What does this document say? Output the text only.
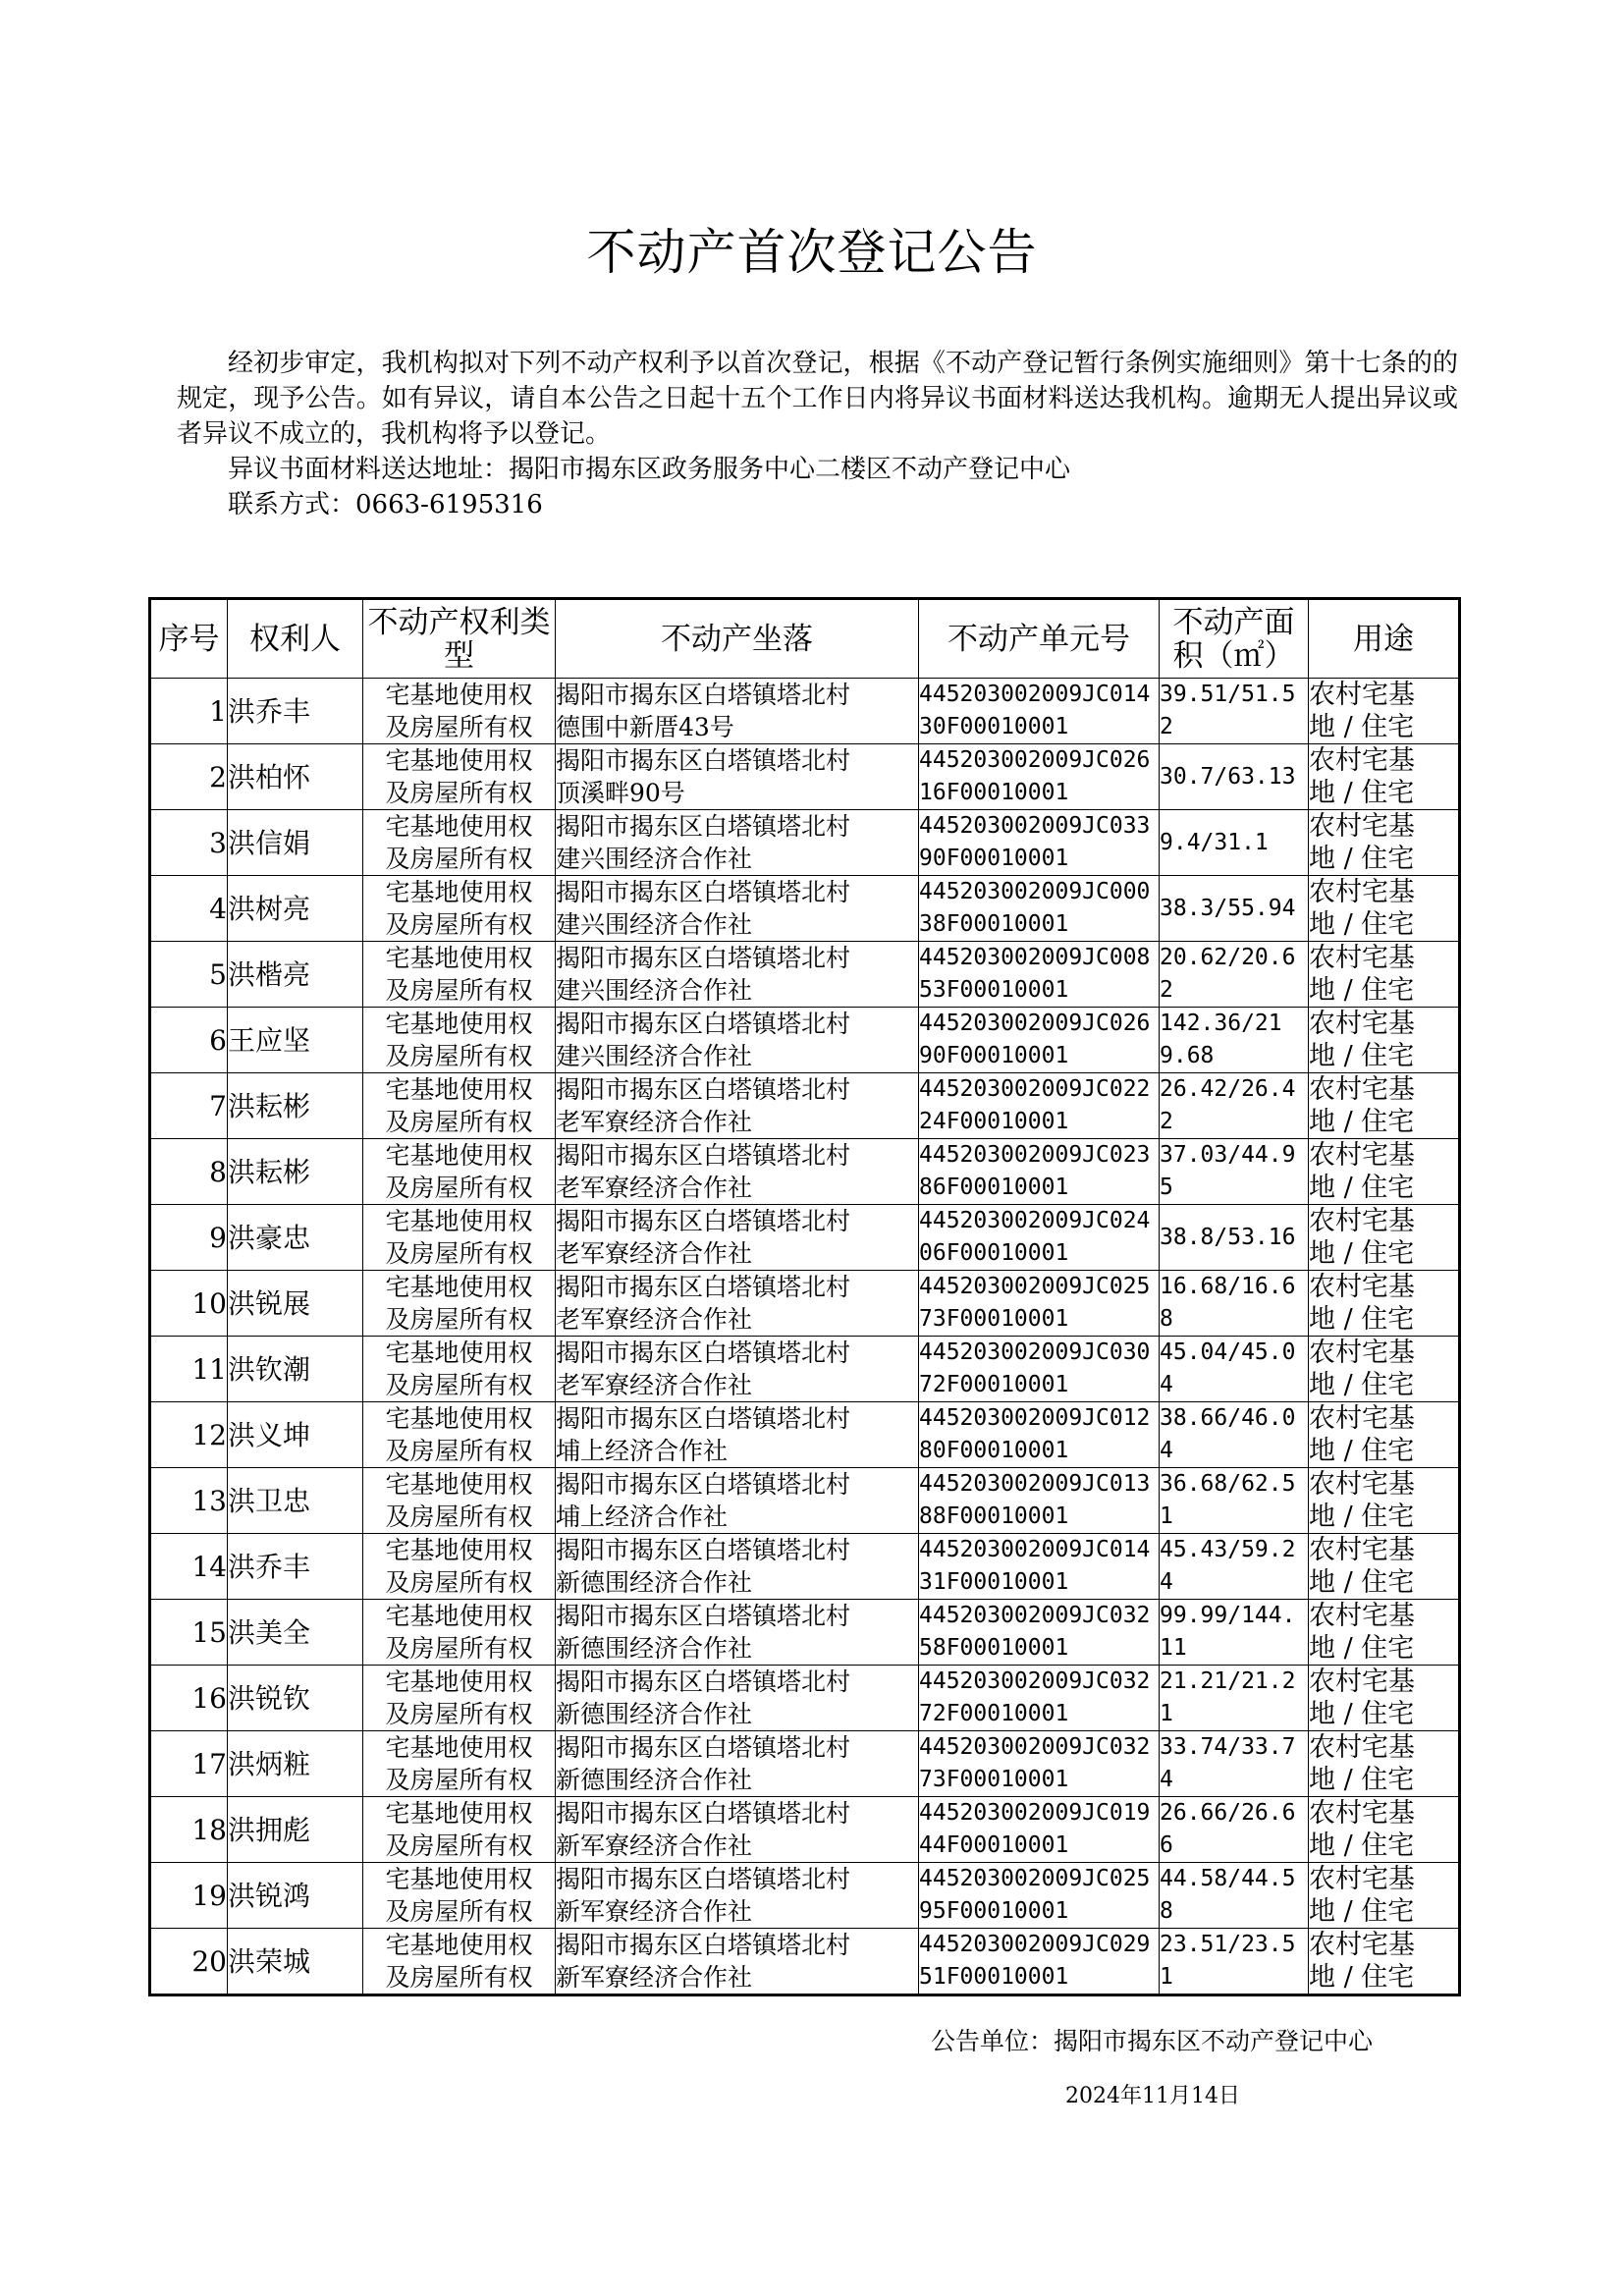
不动产首次登记公告

经初步审定，我机构拟对下列不动产权利予以首次登记，根据《不动产登记暂行条例实施细则》第十七条的的规定，现予公告。如有异议，请自本公告之日起十五个工作日内将异议书面材料送达我机构。逾期无人提出异议或者异议不成立的，我机构将予以登记。

异议书面材料送达地址：揭阳市揭东区政务服务中心二楼区不动产登记中心

联系方式：0663-6195316

序号	权利人	不动产权利类型	不动产坐落	不动产单元号	不动产面积（㎡）	用途
1	洪乔丰	宅基地使用权
及房屋所有权	揭阳市揭东区白塔镇塔北村
德围中新厝43号	445203002009JC01430F00010001	39.51/51.52	农村宅基
地 / 住宅

2	洪柏怀	宅基地使用权
及房屋所有权	揭阳市揭东区白塔镇塔北村
顶溪畔90号	445203002009JC02616F00010001	30.7/63.13	农村宅基
地 / 住宅

3	洪信娟	宅基地使用权
及房屋所有权	揭阳市揭东区白塔镇塔北村
建兴围经济合作社	445203002009JC03390F00010001	9.4/31.1	农村宅基
地 / 住宅

4	洪树亮	宅基地使用权
及房屋所有权	揭阳市揭东区白塔镇塔北村
建兴围经济合作社	445203002009JC00038F00010001	38.3/55.94	农村宅基
地 / 住宅

5	洪楷亮	宅基地使用权
及房屋所有权	揭阳市揭东区白塔镇塔北村
建兴围经济合作社	445203002009JC00853F00010001	20.62/20.62	农村宅基
地 / 住宅

6	王应坚	宅基地使用权
及房屋所有权	揭阳市揭东区白塔镇塔北村
建兴围经济合作社	445203002009JC02690F00010001	142.36/219.68	农村宅基
地 / 住宅

7	洪耘彬	宅基地使用权
及房屋所有权	揭阳市揭东区白塔镇塔北村
老军寮经济合作社	445203002009JC02224F00010001	26.42/26.42	农村宅基
地 / 住宅

8	洪耘彬	宅基地使用权
及房屋所有权	揭阳市揭东区白塔镇塔北村
老军寮经济合作社	445203002009JC02386F00010001	37.03/44.95	农村宅基
地 / 住宅

9	洪豪忠	宅基地使用权
及房屋所有权	揭阳市揭东区白塔镇塔北村
老军寮经济合作社	445203002009JC02406F00010001	38.8/53.16	农村宅基
地 / 住宅

10	洪锐展	宅基地使用权
及房屋所有权	揭阳市揭东区白塔镇塔北村
老军寮经济合作社	445203002009JC02573F00010001	16.68/16.68	农村宅基
地 / 住宅

11	洪钦潮	宅基地使用权
及房屋所有权	揭阳市揭东区白塔镇塔北村
老军寮经济合作社	445203002009JC03072F00010001	45.04/45.04	农村宅基
地 / 住宅

12	洪义坤	宅基地使用权
及房屋所有权	揭阳市揭东区白塔镇塔北村
埔上经济合作社	445203002009JC01280F00010001	38.66/46.04	农村宅基
地 / 住宅

13	洪卫忠	宅基地使用权
及房屋所有权	揭阳市揭东区白塔镇塔北村
埔上经济合作社	445203002009JC01388F00010001	36.68/62.51	农村宅基
地 / 住宅

14	洪乔丰	宅基地使用权
及房屋所有权	揭阳市揭东区白塔镇塔北村
新德围经济合作社	445203002009JC01431F00010001	45.43/59.24	农村宅基
地 / 住宅

15	洪美全	宅基地使用权
及房屋所有权	揭阳市揭东区白塔镇塔北村
新德围经济合作社	445203002009JC03258F00010001	99.99/144.11	农村宅基
地 / 住宅

16	洪锐钦	宅基地使用权
及房屋所有权	揭阳市揭东区白塔镇塔北村
新德围经济合作社	445203002009JC03272F00010001	21.21/21.21	农村宅基
地 / 住宅

17	洪炳粧	宅基地使用权
及房屋所有权	揭阳市揭东区白塔镇塔北村
新德围经济合作社	445203002009JC03273F00010001	33.74/33.74	农村宅基
地 / 住宅

18	洪拥彪	宅基地使用权
及房屋所有权	揭阳市揭东区白塔镇塔北村
新军寮经济合作社	445203002009JC01944F00010001	26.66/26.66	农村宅基
地 / 住宅

19	洪锐鸿	宅基地使用权
及房屋所有权	揭阳市揭东区白塔镇塔北村
新军寮经济合作社	445203002009JC02595F00010001	44.58/44.58	农村宅基
地 / 住宅

20	洪荣城	宅基地使用权
及房屋所有权	揭阳市揭东区白塔镇塔北村
新军寮经济合作社	445203002009JC02951F00010001	23.51/23.51	农村宅基
地 / 住宅
公告单位：揭阳市揭东区不动产登记中心
2024年11月14日
